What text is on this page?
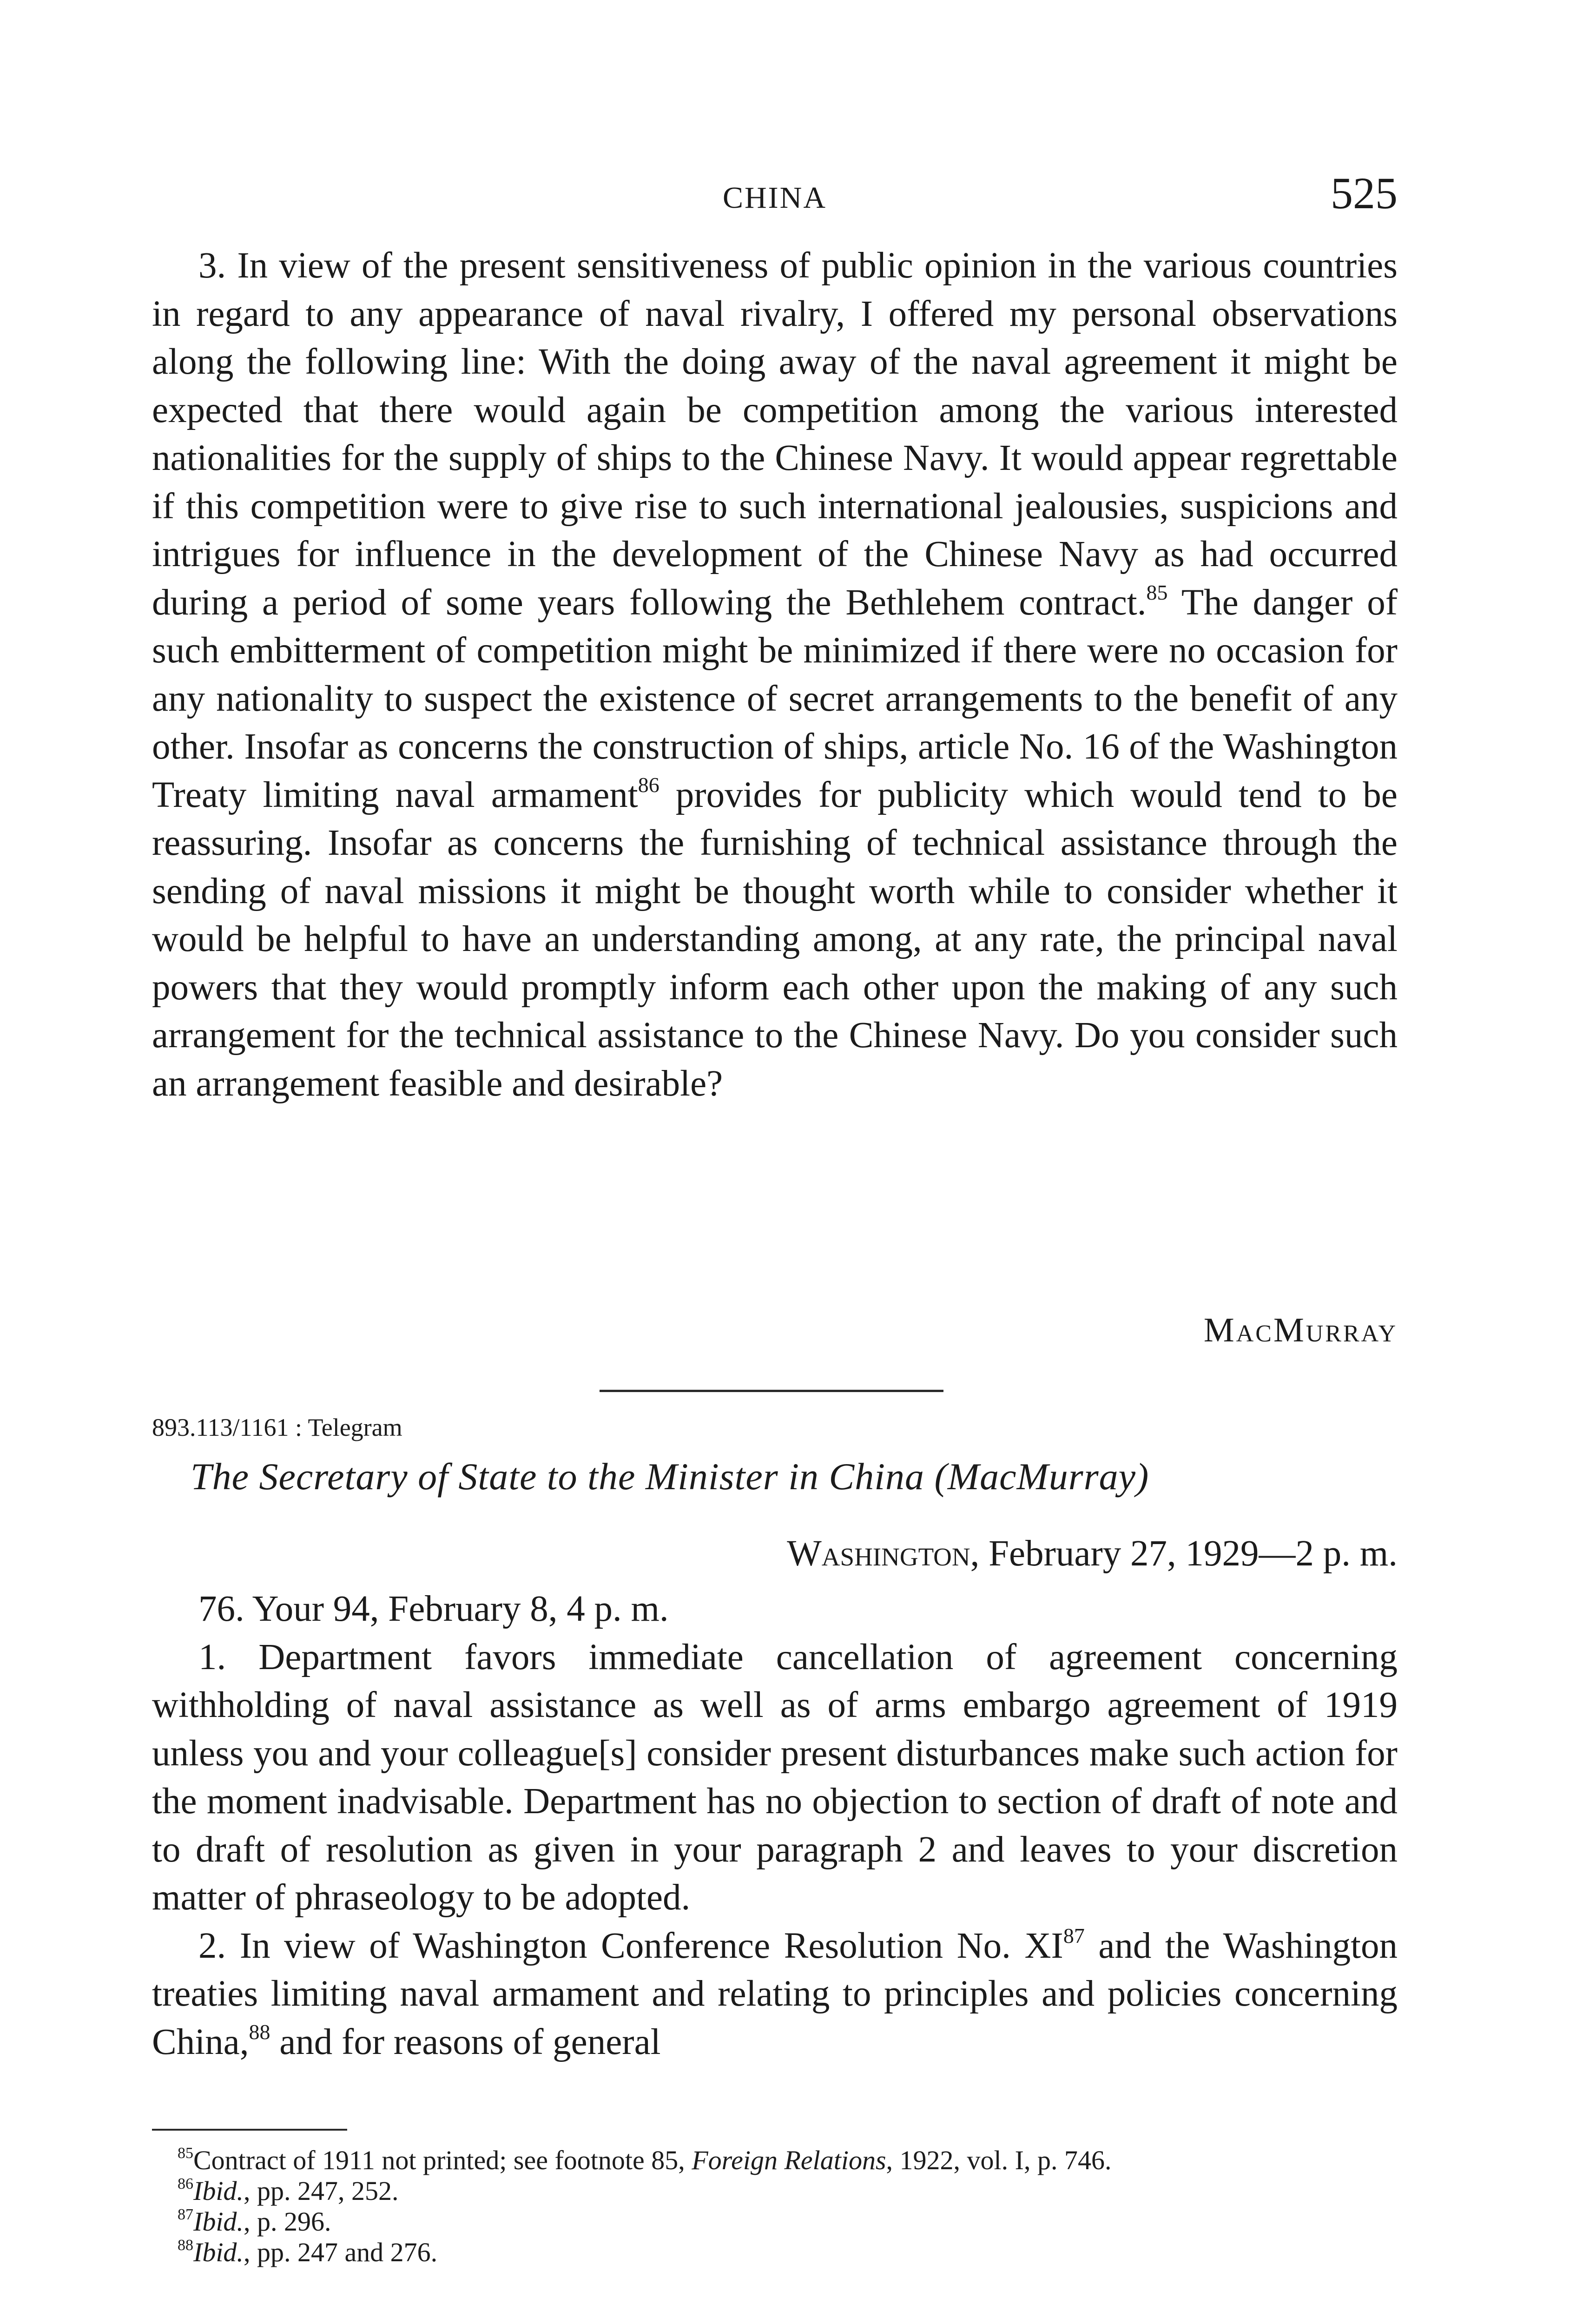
CHINA	525

3. In view of the present sensitiveness of public opinion in the various countries in regard to any appearance of naval rivalry, I offered my personal observations along the following line: With the doing away of the naval agreement it might be expected that there would again be competition among the various interested nationalities for the supply of ships to the Chinese Navy. It would appear regrettable if this competition were to give rise to such international jealousies, suspicions and intrigues for influence in the development of the Chinese Navy as had occurred during a period of some years following the Bethlehem contract.$^{85}$ The danger of such embitterment of competition might be minimized if there were no occasion for any nationality to suspect the existence of secret arrangements to the benefit of any other. Insofar as concerns the construction of ships, article No. 16 of the Washington Treaty limiting naval armament$^{86}$ provides for publicity which would tend to be reassuring. Insofar as concerns the furnishing of technical assistance through the sending of naval missions it might be thought worth while to consider whether it would be helpful to have an understanding among, at any rate, the principal naval powers that they would promptly inform each other upon the making of any such arrangement for the technical assistance to the Chinese Navy. Do you consider such an arrangement feasible and desirable?

MacMurray
893.113/1161 : Telegram
The Secretary of State to the Minister in China (MacMurray)
Washington, February 27, 1929—2 p. m.

76. Your 94, February 8, 4 p. m.

1. Department favors immediate cancellation of agreement concerning withholding of naval assistance as well as of arms embargo agreement of 1919 unless you and your colleague[s] consider present disturbances make such action for the moment inadvisable. Department has no objection to section of draft of note and to draft of resolution as given in your paragraph 2 and leaves to your discretion matter of phraseology to be adopted.

2. In view of Washington Conference Resolution No. XI$^{87}$ and the Washington treaties limiting naval armament and relating to principles and policies concerning China,$^{88}$ and for reasons of general

$^{85}$Contract of 1911 not printed; see footnote 85, Foreign Relations, 1922, vol. I, p. 746.

$^{86}$Ibid., pp. 247, 252.

$^{87}$Ibid., p. 296.

$^{88}$Ibid., pp. 247 and 276.
